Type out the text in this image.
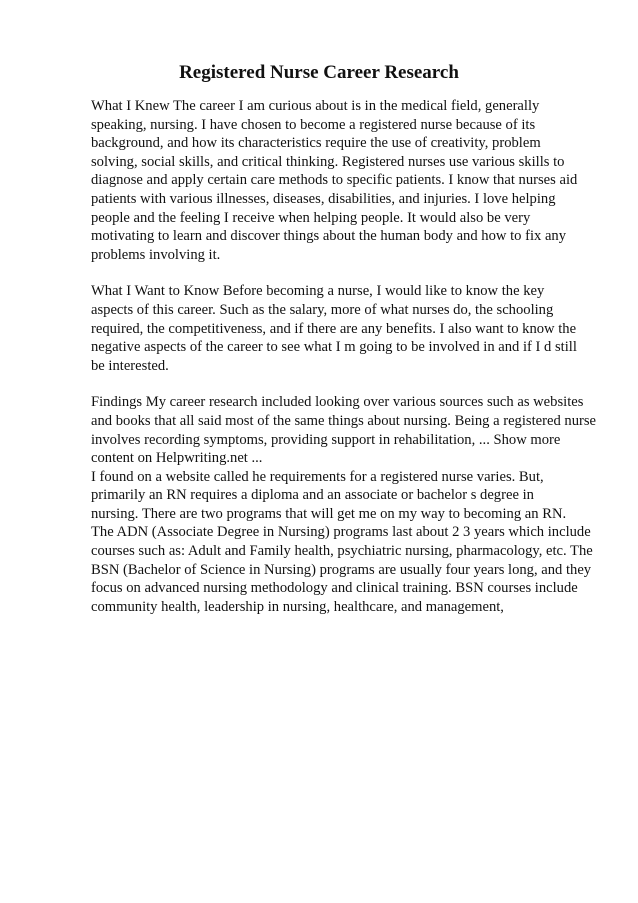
Registered Nurse Career Research
What I Knew The career I am curious about is in the medical field, generally
speaking, nursing. I have chosen to become a registered nurse because of its
background, and how its characteristics require the use of creativity, problem
solving, social skills, and critical thinking. Registered nurses use various skills to
diagnose and apply certain care methods to specific patients. I know that nurses aid
patients with various illnesses, diseases, disabilities, and injuries. I love helping
people and the feeling I receive when helping people. It would also be very
motivating to learn and discover things about the human body and how to fix any
problems involving it.
What I Want to Know Before becoming a nurse, I would like to know the key
aspects of this career. Such as the salary, more of what nurses do, the schooling
required, the competitiveness, and if there are any benefits. I also want to know the
negative aspects of the career to see what I m going to be involved in and if I d still
be interested.
Findings My career research included looking over various sources such as websites
and books that all said most of the same things about nursing. Being a registered nurse
involves recording symptoms, providing support in rehabilitation, ... Show more
content on Helpwriting.net ...
I found on a website called he requirements for a registered nurse varies. But,
primarily an RN requires a diploma and an associate or bachelor s degree in
nursing. There are two programs that will get me on my way to becoming an RN.
The ADN (Associate Degree in Nursing) programs last about 2 3 years which include
courses such as: Adult and Family health, psychiatric nursing, pharmacology, etc. The
BSN (Bachelor of Science in Nursing) programs are usually four years long, and they
focus on advanced nursing methodology and clinical training. BSN courses include
community health, leadership in nursing, healthcare, and management,
